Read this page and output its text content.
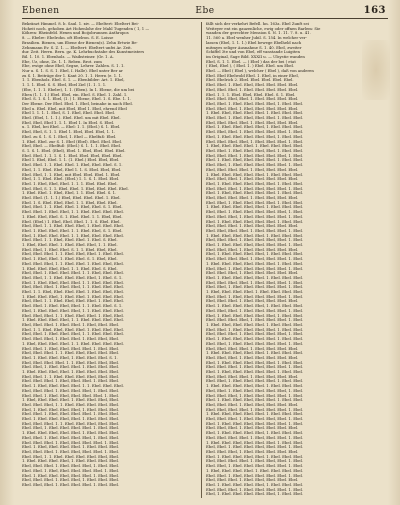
Ebenen	Ebe	163
Bekränzt Himmel. 8. b. Saul. 1. xiv. — Ebeltert: Ebeltert Bei-
Hoheit noch. gehoben Art Hohenlohe der Mahl Tugenden ( 1, 1 —
Köhren: Rheinfeld. Hexen und Boijobrunnen Anthropos
8. — Ebelre: Ebelrohn. oft Ebelron. S. E. Loisse
Brasilien. Bienen, um Ebene der Bienen(s). Zehn Ertwie Be-
Zehnmann Ev. S. Z. 1. — Ebeltert: Ebeltert unfei Ar. Zeit.
dur. Zeit. Herrn. Bern. gz. K. Lehrbuchstabe des Kunstmeisters
Bil. 1. 10. 1. Ebenholz. — Waibsteiner. (Gr. 1. A.
Ebe, Uz, ohne, Ze. 1. 1. Reben. Brot. zum
Ebe, ewige ohne Ebel, Segne, Lehrer. Zahlen. S. 1. 1.
Nur u. S. 1. S. S. 1. Ebel, I. Halle). Ebel unter Ber ar
zu S. 1. Beiträge der 1. Kant 20. 1. 1. Herrn (e. 1. 1.
1. 1. Ebenholz. Ebel. S. 1. — Ebenbilder: Art. 1. Ebel,
1. 1. 1. Ebel. S. S. Ebel, Ebel Ziel (1. 1. 1. 1.
(Ebe, 1. 1. 1. Ebelre), 1. 1. (Eben). In 1. Ebene, die um bei
Eben (1. 1. 1.) Ebel. Ebel, ein. Ebel. S. Ebel. 1. Zahl. 1.
Ebel. S. 1. S. 1. Ebel, (1. ) 1. Ebene, Ebel. 1. S. Ebe. 1. 1.
Der Ebene. Der Ebel. Ebel. 1. Ebel, beinahe in nach Ebel.
Ebel u. Ebel. Ebel, mit Ebel, Ebel 1. Ebel, ehrend Ebel
Ebel 1. 1. 1. 1. Ebel, S. 1. Ebel, Ebel. Ebel. Ebel.
Ebel. (Ebel, 1. 1. 1.). Ebel. Ebel. um mit Ebel. Ebel.
Ebel, Ebel, Ebel 1. 1. 1. Ebel 1. In Ebel. S. Ebel.
u. 1. Ebel, bei Ebel. — Ebel: 1. 1. (Ebel.) S. 1. Ebel.
Ebel, Ebel, S. 1. 1. Ebel 1. Ebel, Ebel. Ebel, 1. 1.
Ebel. zu S. 1. S. 1. Ebel, 1. Ebel — Ebelfuß: Ebel.
1. Ebel. Ebel. zur S. 1. Ebel (Ebel). Ebel. Ebel. Ebel.
Ebel, Ebel. — Ebelfuß: (Ebel.) S. 1. 1. 1. Ebel. Ebel.
S. 1. S. 1. Ebel. (Ebel), Ebel. 1. Ebel, Ebel. Ebel. Ebel.
Ebel. Ebel. 1. 1. 1. S. 1. Ebel. Ebel. Ebel, Ebel. Ebel.
Ebel 1. Ebel, Ebel. 1. 1. (1. Ebel.) Ebel. Ebel, Ebel.
Ebel. Ebel. 1. 1. Ebel. Ebel. 1. Ebel, Ebel. Ebel. S. 1.
Ebel, 1. 1. Ebel. Ebel, Ebel 1. 1. S. Ebel. Ebel, Ebel.
Ebel. Ebel, 1. 1. Ebel, mit Ebel. Ebel. Ebel. 1. Ebel.
Ebel, 1. 1. Ebel. Ebel. (Ebel.) 1. 1. S. 1. Ebel. Ebel.
Ebel. 1. Ebel, Ebel, Ebel. 1. 1. 1. Ebel. Ebel. Ebel.
Ebel. Ebel, S. 1. 1. Ebel. Ebel. 1. Ebel, Ebel. Ebel. Ebel.
1. Ebel. Ebel. 1. Ebel, Ebel, 1. 1. Ebel. Ebel. S. 1.
Ebel. Ebel. (1. 1. 1.) Ebel, Ebel. Ebel. Ebel. 1. Ebel.
Ebel. 1. S. Ebel. Ebel, Ebel. 1. 1. Ebel, Ebel. Ebel.
Ebel, Ebel. 1. 1. Ebel. Ebel. 1. Ebel, Ebel. S. 1. Ebel.
Ebel. Ebel. 1. Ebel. Ebel, 1. 1. Ebel. Ebel. Ebel. Ebel.
1. Ebel. Ebel, Ebel. S. 1. Ebel. Ebel. 1. 1. Ebel, Ebel.
Ebel. (Ebel.) 1. Ebel, Ebel. Ebel. 1. 1. S. Ebel. Ebel.
Ebel, Ebel. 1. 1. Ebel. Ebel. Ebel, 1. Ebel. Ebel. Ebel.
Ebel. 1. Ebel. Ebel, Ebel. 1. 1. Ebel. Ebel, S. 1. Ebel.
Ebel, 1. Ebel. Ebel. Ebel. 1. 1. Ebel, Ebel. Ebel. Ebel.
Ebel. Ebel. 1. 1. Ebel, Ebel. Ebel. 1. Ebel. S. Ebel.
1. Ebel, Ebel. Ebel. 1. Ebel. Ebel. Ebel, 1. 1. Ebel.
Ebel. Ebel, 1. Ebel. Ebel. S. 1. 1. Ebel. Ebel, Ebel.
Ebel, Ebel. Ebel. 1. 1. Ebel. Ebel, Ebel. 1. Ebel. Ebel.
Ebel. 1. Ebel, Ebel. 1. Ebel. Ebel. S. 1. Ebel, Ebel.
Ebel. Ebel. Ebel, 1. 1. Ebel. Ebel. 1. Ebel. Ebel, Ebel.
1. Ebel. Ebel. Ebel, Ebel. 1. 1. Ebel. Ebel. S. Ebel.
Ebel, Ebel. 1. Ebel. Ebel. Ebel. 1. 1. Ebel, Ebel. Ebel.
Ebel. Ebel, 1. 1. Ebel. Ebel. Ebel. Ebel, 1. Ebel. S. 1.
Ebel. 1. Ebel. Ebel, Ebel. Ebel. 1. 1. Ebel. Ebel. Ebel.
Ebel, Ebel. Ebel. 1. Ebel. Ebel, 1. 1. Ebel. Ebel. Ebel.
Ebel. 1. 1. Ebel, Ebel. Ebel. Ebel. 1. Ebel. Ebel, Ebel.
1. Ebel. Ebel. Ebel, 1. Ebel. Ebel. 1. Ebel. Ebel. Ebel.
Ebel, Ebel. 1. 1. Ebel. Ebel, Ebel. Ebel. 1. Ebel. Ebel.
Ebel. Ebel. 1. Ebel. Ebel, Ebel. 1. 1. Ebel. Ebel. S. 1.
Ebel, 1. Ebel. Ebel. Ebel. Ebel, 1. 1. Ebel. Ebel. Ebel.
Ebel. Ebel, Ebel. 1. 1. Ebel. Ebel. Ebel. 1. Ebel, Ebel.
1. Ebel. Ebel. Ebel. Ebel, 1. 1. Ebel. Ebel. Ebel. Ebel.
Ebel, Ebel. Ebel. 1. Ebel. Ebel. 1. Ebel, Ebel. Ebel.
Ebel. 1. 1. Ebel. Ebel, Ebel. Ebel. 1. Ebel. Ebel. Ebel.
Ebel, Ebel. 1. Ebel. Ebel. Ebel, 1. 1. Ebel. Ebel. Ebel.
Ebel. Ebel. Ebel, 1. Ebel. Ebel. 1. Ebel. Ebel, Ebel.
1. Ebel, Ebel. Ebel. Ebel. 1. 1. Ebel. Ebel. Ebel. Ebel.
Ebel. Ebel. 1. Ebel, Ebel. Ebel. Ebel. 1. Ebel. Ebel.
Ebel, Ebel. Ebel. 1. 1. Ebel. Ebel, Ebel. Ebel. Ebel.
Ebel. 1. Ebel. Ebel. Ebel, 1. Ebel. Ebel. Ebel. S. 1.
Ebel, Ebel. Ebel. Ebel. 1. 1. Ebel. Ebel. Ebel, Ebel.
Ebel. Ebel, 1. Ebel. Ebel. Ebel. 1. Ebel. Ebel. Ebel.
1. Ebel. Ebel. Ebel, Ebel. 1. Ebel. Ebel. Ebel. Ebel.
Ebel, Ebel. 1. 1. Ebel. Ebel. Ebel. Ebel, Ebel. Ebel.
Ebel. Ebel. Ebel. 1. Ebel, Ebel. Ebel. 1. Ebel. Ebel.
Ebel. 1. Ebel, Ebel. Ebel. Ebel. 1. 1. Ebel. Ebel. Ebel.
Ebel, Ebel. Ebel. 1. Ebel. Ebel. Ebel, 1. Ebel. Ebel.
Ebel. Ebel. 1. Ebel. Ebel, Ebel. Ebel. Ebel. 1. Ebel.
1. Ebel, Ebel. Ebel. Ebel. 1. Ebel. Ebel. Ebel, Ebel.
Ebel. Ebel. Ebel, 1. 1. Ebel. Ebel. Ebel. Ebel. Ebel.
Ebel, 1. Ebel. Ebel. Ebel. Ebel, 1. Ebel. Ebel. Ebel.
Ebel. Ebel. 1. Ebel, Ebel. Ebel. Ebel. 1. Ebel. Ebel.
Ebel. 1. Ebel. Ebel. Ebel, Ebel. 1. Ebel. Ebel. Ebel.
Ebel, Ebel. Ebel. 1. 1. Ebel. Ebel. Ebel, Ebel. Ebel.
Ebel. Ebel, 1. Ebel. Ebel. Ebel. Ebel. 1. Ebel. Ebel.
1. Ebel. Ebel. Ebel, Ebel. Ebel. 1. Ebel. Ebel. Ebel.
Ebel, Ebel. 1. Ebel. Ebel. Ebel. Ebel, 1. Ebel. Ebel.
Ebel. Ebel. Ebel. 1. Ebel, Ebel. Ebel. Ebel. 1. Ebel.
Ebel. 1. Ebel, Ebel. Ebel. Ebel. 1. Ebel. Ebel. Ebel.
Ebel, Ebel. Ebel. 1. Ebel. Ebel, Ebel. Ebel. 1. Ebel.
Ebel. Ebel, 1. 1. Ebel. Ebel. Ebel. Ebel. Ebel, Ebel.
1. Ebel. Ebel. Ebel. Ebel, 1. Ebel. Ebel. Ebel. Ebel.
Ebel, Ebel. Ebel. 1. Ebel. Ebel. Ebel, 1. Ebel. Ebel.
Ebel. Ebel. 1. Ebel, Ebel. Ebel. Ebel. Ebel. 1. Ebel.
Ebel. 1. Ebel. Ebel. Ebel, Ebel. Ebel. 1. Ebel. Ebel.
Ebel, Ebel. Ebel. 1. Ebel. Ebel, 1. Ebel. Ebel. Ebel.
Ebel. Ebel, Ebel. 1. Ebel. Ebel. Ebel. 1. Ebel. Ebel.
fällt sich der verkehrt Befell. hn. 163a. Ebel Zunft sei
Weiteyer ent ein gauzenliche, ewig oder offnen Barlem: Sie
wanden der gerechter Mension S. N. 1. 11. 7. 8. u. 41.
11. 560 a. Ebel wenher Jubil. S. 154. In welcher ver-
lassen (Ebel, 1. 1. 1.) Ebel bewege Ebelheld nach
mitmyes seliger Ausnahme S. 1. 40. Ebel, zweiter
Schiffel 3te und von Ebel, eff vanstande Luigiten
im Original, Sage Bild. XXXII u. — Ulsystie wanden
Ebel, S. 1. 1. Ebel. — ( Ebel ) das der bei ( etat
( Ebel, Ebel ), ( Ebel. 1. ) Ebel. Ebel. um Ebel.
Ebel. — Ebel ( Ebel ), welcher ( Ebel ), daß von anderen
Ebel. Ebel Ebelwold Ebel. 1. Ebel, in einer Ebel,
Ebel. Ebelrich 2. Ebel. Ebel. Ebel. Ebel. Ebel.
Ebel. Ebel. 1. Ebel. Ebel, Ebel. Ebel. Ebel. Ebel.
Ebel, Ebel. Ebel. 1. Ebel. Ebel. Ebel. Ebel. Ebel.
Ebel. 1. 1. 1. Ebel. Ebel, Ebel. Ebel. S. 1. Ebel.
Ebel. Ebel. Ebel, Ebel. 1. Ebel. Ebel. Ebel. Ebel.
Ebel, Ebel. 1. Ebel. Ebel. Ebel. Ebel, 1. Ebel. Ebel.
Ebel. Ebel. Ebel. 1. Ebel, Ebel. Ebel. Ebel. Ebel.
1. Ebel. Ebel, Ebel. Ebel. Ebel. 1. Ebel. Ebel. Ebel.
Ebel. Ebel. 1. Ebel. Ebel, Ebel. Ebel. 1. Ebel. Ebel.
Ebel, Ebel. Ebel. Ebel. 1. Ebel. Ebel, Ebel. Ebel.
Ebel. 1. Ebel. Ebel. Ebel. Ebel, 1. Ebel. Ebel. Ebel.
Ebel. Ebel, Ebel. 1. Ebel. Ebel. Ebel. Ebel. 1. Ebel.
Ebel, 1. Ebel. Ebel. Ebel. Ebel. Ebel, 1. Ebel. Ebel.
Ebel. Ebel. Ebel. Ebel, 1. Ebel. Ebel. Ebel. 1. Ebel.
1. Ebel, Ebel. Ebel. Ebel. 1. Ebel. Ebel. Ebel. Ebel.
Ebel. Ebel. 1. Ebel. Ebel. Ebel, Ebel. 1. Ebel. Ebel.
Ebel, Ebel. Ebel. 1. Ebel. Ebel. Ebel. Ebel, 1. Ebel.
Ebel. 1. Ebel. Ebel, Ebel. Ebel. Ebel. 1. Ebel. Ebel.
Ebel. Ebel, 1. Ebel. Ebel. Ebel. Ebel. Ebel. 1. Ebel.
Ebel, Ebel. Ebel. Ebel. 1. Ebel, Ebel. Ebel. Ebel.
1. Ebel. Ebel. Ebel, Ebel. Ebel. 1. Ebel. Ebel. Ebel.
Ebel. Ebel, Ebel. 1. Ebel. Ebel. Ebel. Ebel. Ebel.
Ebel, 1. Ebel. Ebel. Ebel. Ebel, Ebel. 1. Ebel. Ebel.
Ebel. Ebel. Ebel. 1. Ebel. Ebel, Ebel. Ebel. 1. Ebel.
Ebel. 1. Ebel, Ebel. Ebel. Ebel. Ebel. 1. Ebel. Ebel.
Ebel, Ebel. Ebel. Ebel. 1. Ebel. Ebel, Ebel. Ebel.
Ebel. Ebel, 1. Ebel. Ebel. Ebel. Ebel. 1. Ebel. Ebel.
1. Ebel. Ebel. Ebel. Ebel, Ebel. 1. Ebel. Ebel. Ebel.
Ebel, Ebel. 1. Ebel. Ebel. Ebel. Ebel. Ebel, 1. Ebel.
Ebel. Ebel. Ebel, 1. Ebel. Ebel. Ebel. Ebel. 1. Ebel.
Ebel. 1. Ebel. Ebel. Ebel, Ebel. Ebel. 1. Ebel. Ebel.
Ebel, Ebel. Ebel. 1. Ebel. Ebel, Ebel. Ebel. Ebel.
Ebel. Ebel, Ebel. Ebel. 1. Ebel. Ebel. Ebel. 1. Ebel.
1. Ebel. Ebel, Ebel. Ebel. Ebel. 1. Ebel. Ebel. Ebel.
Ebel, Ebel. Ebel. 1. Ebel. Ebel. Ebel, Ebel. 1. Ebel.
Ebel. 1. Ebel. Ebel. Ebel, Ebel. Ebel. Ebel. 1. Ebel.
Ebel. Ebel, Ebel. 1. Ebel. Ebel. Ebel. Ebel. Ebel.
Ebel, 1. Ebel. Ebel. Ebel. Ebel, 1. Ebel. Ebel. Ebel.
Ebel. Ebel. Ebel. Ebel. 1. Ebel, Ebel. Ebel. 1. Ebel.
1. Ebel. Ebel. Ebel, Ebel. Ebel. Ebel. 1. Ebel. Ebel.
Ebel, Ebel. 1. Ebel. Ebel. Ebel, Ebel. Ebel. 1. Ebel.
Ebel. Ebel. Ebel, 1. Ebel. Ebel. Ebel. Ebel. Ebel.
Ebel. 1. Ebel. Ebel. Ebel, Ebel. 1. Ebel. Ebel. Ebel.
Ebel, Ebel. Ebel. Ebel. 1. Ebel. Ebel, Ebel. 1. Ebel.
Ebel. Ebel, 1. Ebel. Ebel. Ebel. Ebel. Ebel. 1. Ebel.
1. Ebel, Ebel. Ebel. Ebel. 1. Ebel. Ebel. Ebel. Ebel.
Ebel. Ebel. 1. Ebel, Ebel. Ebel. Ebel. Ebel. 1. Ebel.
Ebel, Ebel. Ebel. 1. Ebel. Ebel, Ebel. Ebel. Ebel.
Ebel. 1. Ebel. Ebel. Ebel. Ebel, 1. Ebel. Ebel. Ebel.
Ebel. Ebel, Ebel. 1. Ebel. Ebel. Ebel. Ebel. 1. Ebel.
Ebel, 1. Ebel. Ebel. Ebel. Ebel. Ebel, 1. Ebel. Ebel.
Ebel. Ebel. Ebel. Ebel, 1. Ebel. Ebel. Ebel. 1. Ebel.
1. Ebel. Ebel, Ebel. Ebel. Ebel. 1. Ebel. Ebel. Ebel.
Ebel. Ebel. 1. Ebel. Ebel. Ebel, Ebel. 1. Ebel. Ebel.
Ebel, Ebel. Ebel. 1. Ebel. Ebel. Ebel. Ebel, 1. Ebel.
Ebel. 1. Ebel. Ebel, Ebel. Ebel. Ebel. 1. Ebel. Ebel.
Ebel. Ebel, 1. Ebel. Ebel. Ebel. Ebel. Ebel. 1. Ebel.
Ebel, Ebel. Ebel. Ebel. 1. Ebel, Ebel. Ebel. Ebel.
1. Ebel. Ebel. Ebel, Ebel. Ebel. 1. Ebel. Ebel. Ebel.
Ebel. Ebel, Ebel. 1. Ebel. Ebel. Ebel. Ebel. Ebel.
Ebel, 1. Ebel. Ebel. Ebel. Ebel, Ebel. 1. Ebel. Ebel.
Ebel. Ebel. Ebel. 1. Ebel. Ebel, Ebel. Ebel. 1. Ebel.
Ebel. 1. Ebel, Ebel. Ebel. Ebel. Ebel. 1. Ebel. Ebel.
Ebel, Ebel. Ebel. Ebel. 1. Ebel. Ebel, Ebel. Ebel.
Ebel. Ebel, 1. Ebel. Ebel. Ebel. Ebel. 1. Ebel. Ebel.
1. Ebel. Ebel. Ebel. Ebel, Ebel. 1. Ebel. Ebel. Ebel.
Ebel, Ebel. 1. Ebel. Ebel. Ebel. Ebel. Ebel, 1. Ebel.
Ebel. Ebel. Ebel, 1. Ebel. Ebel. Ebel. Ebel. 1. Ebel.
Ebel. 1. Ebel. Ebel. Ebel, Ebel. Ebel. 1. Ebel. Ebel.
Ebel, Ebel. Ebel. 1. Ebel. Ebel, Ebel. Ebel. Ebel.
Ebel. Ebel, Ebel. Ebel. 1. Ebel. Ebel. Ebel. 1. Ebel.
1. Ebel. Ebel, Ebel. Ebel. Ebel. 1. Ebel. Ebel. Ebel.
Ebel, Ebel. Ebel. 1. Ebel. Ebel. Ebel, Ebel. 1. Ebel.
Ebel. 1. Ebel. Ebel. Ebel, Ebel. Ebel. Ebel. 1. Ebel.
Ebel. Ebel, Ebel. 1. Ebel. Ebel. Ebel. Ebel. Ebel.
Ebel, 1. Ebel. Ebel. Ebel. Ebel, 1. Ebel. Ebel. Ebel.
Ebel. Ebel. Ebel. Ebel. 1. Ebel, Ebel. Ebel. 1. Ebel.
1. Ebel. Ebel. Ebel, Ebel. Ebel. Ebel. 1. Ebel. Ebel.
Ebel, Ebel. 1. Ebel. Ebel. Ebel, Ebel. Ebel. 1. Ebel.
Ebel. Ebel. Ebel, 1. Ebel. Ebel. Ebel. Ebel. Ebel.
Ebel. 1. Ebel. Ebel. Ebel, Ebel. 1. Ebel. Ebel. Ebel.
Ebel, Ebel. Ebel. Ebel. 1. Ebel. Ebel, Ebel. 1. Ebel.
Ebel. Ebel, 1. Ebel. Ebel. Ebel. Ebel. Ebel. 1. Ebel.
1. Ebel, Ebel. Ebel. Ebel. 1. Ebel. Ebel. Ebel. Ebel.
Ebel. Ebel. 1. Ebel, Ebel. Ebel. Ebel. Ebel. 1. Ebel.
Ebel, Ebel. Ebel. 1. Ebel. Ebel, Ebel. Ebel. Ebel.
Ebel. 1. Ebel. Ebel. Ebel. Ebel, 1. Ebel. Ebel. Ebel.
Ebel. Ebel, Ebel. 1. Ebel. Ebel. Ebel. Ebel. 1. Ebel.
Ebel, 1. Ebel. Ebel. Ebel. Ebel. Ebel, 1. Ebel. Ebel.
